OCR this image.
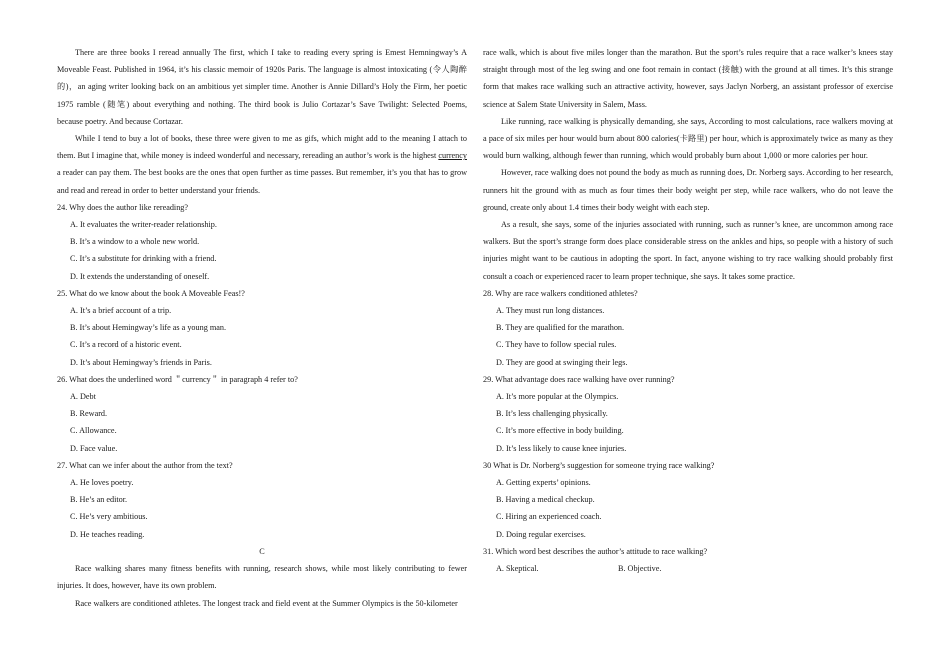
There are three books I reread annually The first, which I take to reading every spring is Emest Hemningway’s A Moveable Feast. Published in 1964, it’s his classic memoir of 1920s Paris. The language is almost intoxicating (令人陶醉的)，an aging writer looking back on an ambitious yet simpler time. Another is Annie Dillard’s Holy the Firm, her poetic 1975 ramble (随笔) about everything and nothing. The third book is Julio Cortazar’s Save Twilight: Selected Poems, because poetry. And because Cortazar.

While I tend to buy a lot of books, these three were given to me as gifs, which might add to the meaning I attach to them. But I imagine that, while money is indeed wonderful and necessary, rereading an author’s work is the highest currency a reader can pay them. The best books are the ones that open further as time passes. But remember, it’s you that has to grow and read and reread in order to better understand your friends.

24. Why does the author like rereading?

A. It evaluates the writer-reader relationship.

B. It’s a window to a whole new world.

C. It’s a substitute for drinking with a friend.

D. It extends the understanding of oneself.

25. What do we know about the book A Moveable Feas!?

A. It’s a brief account of a trip.

B. It’s about Hemingway’s life as a young man.

C. It’s a record of a historic event.

D. It’s about Hemingway’s friends in Paris.

26. What does the underlined word ＂currency＂ in paragraph 4 refer to?

A. Debt

B. Reward.

C. Allowance.

D. Face value.

27. What can we infer about the author from the text?

A. He loves poetry.

B. He’s an editor.

C. He’s very ambitious.

D. He teaches reading.

C

Race walking shares many fitness benefits with running, research shows, while most likely contributing to fewer injuries. It does, however, have its own problem.

Race walkers are conditioned athletes. The longest track and field event at the Summer Olympics is the 50-kilometer

race walk, which is about five miles longer than the marathon. But the sport’s rules require that a race walker’s knees stay straight through most of the leg swing and one foot remain in contact (接触) with the ground at all times. It’s this strange form that makes race walking such an attractive activity, however, says Jaclyn Norberg, an assistant professor of exercise science at Salem State University in Salem, Mass.

Like running, race walking is physically demanding, she says, According to most calculations, race walkers moving at a pace of six miles per hour would burn about 800 calories(卡路里) per hour, which is approximately twice as many as they would burn walking, although fewer than running, which would probably burn about 1,000 or more calories per hour.

However, race walking does not pound the body as much as running does, Dr. Norberg says. According to her research, runners hit the ground with as much as four times their body weight per step, while race walkers, who do not leave the ground, create only about 1.4 times their body weight with each step.

As a result, she says, some of the injuries associated with running, such as runner’s knee, are uncommon among race walkers. But the sport’s strange form does place considerable stress on the ankles and hips, so people with a history of such injuries might want to be cautious in adopting the sport. In fact, anyone wishing to try race walking should probably first consult a coach or experienced racer to learn proper technique, she says. It takes some practice.

28. Why are race walkers conditioned athletes?

A. They must run long distances.

B. They are qualified for the marathon.

C. They have to follow special rules.

D. They are good at swinging their legs.

29. What advantage does race walking have over running?

A. It’s more popular at the Olympics.

B. It’s less challenging physically.

C. It’s more effective in body building.

D. It’s less likely to cause knee injuries.

30 What is Dr. Norberg’s suggestion for someone trying race walking?

A. Getting experts’ opinions.

B. Having a medical checkup.

C. Hiring an experienced coach.

D. Doing regular exercises.

31. Which word best describes the author’s attitude to race walking?

A. Skeptical.	B. Objective.
